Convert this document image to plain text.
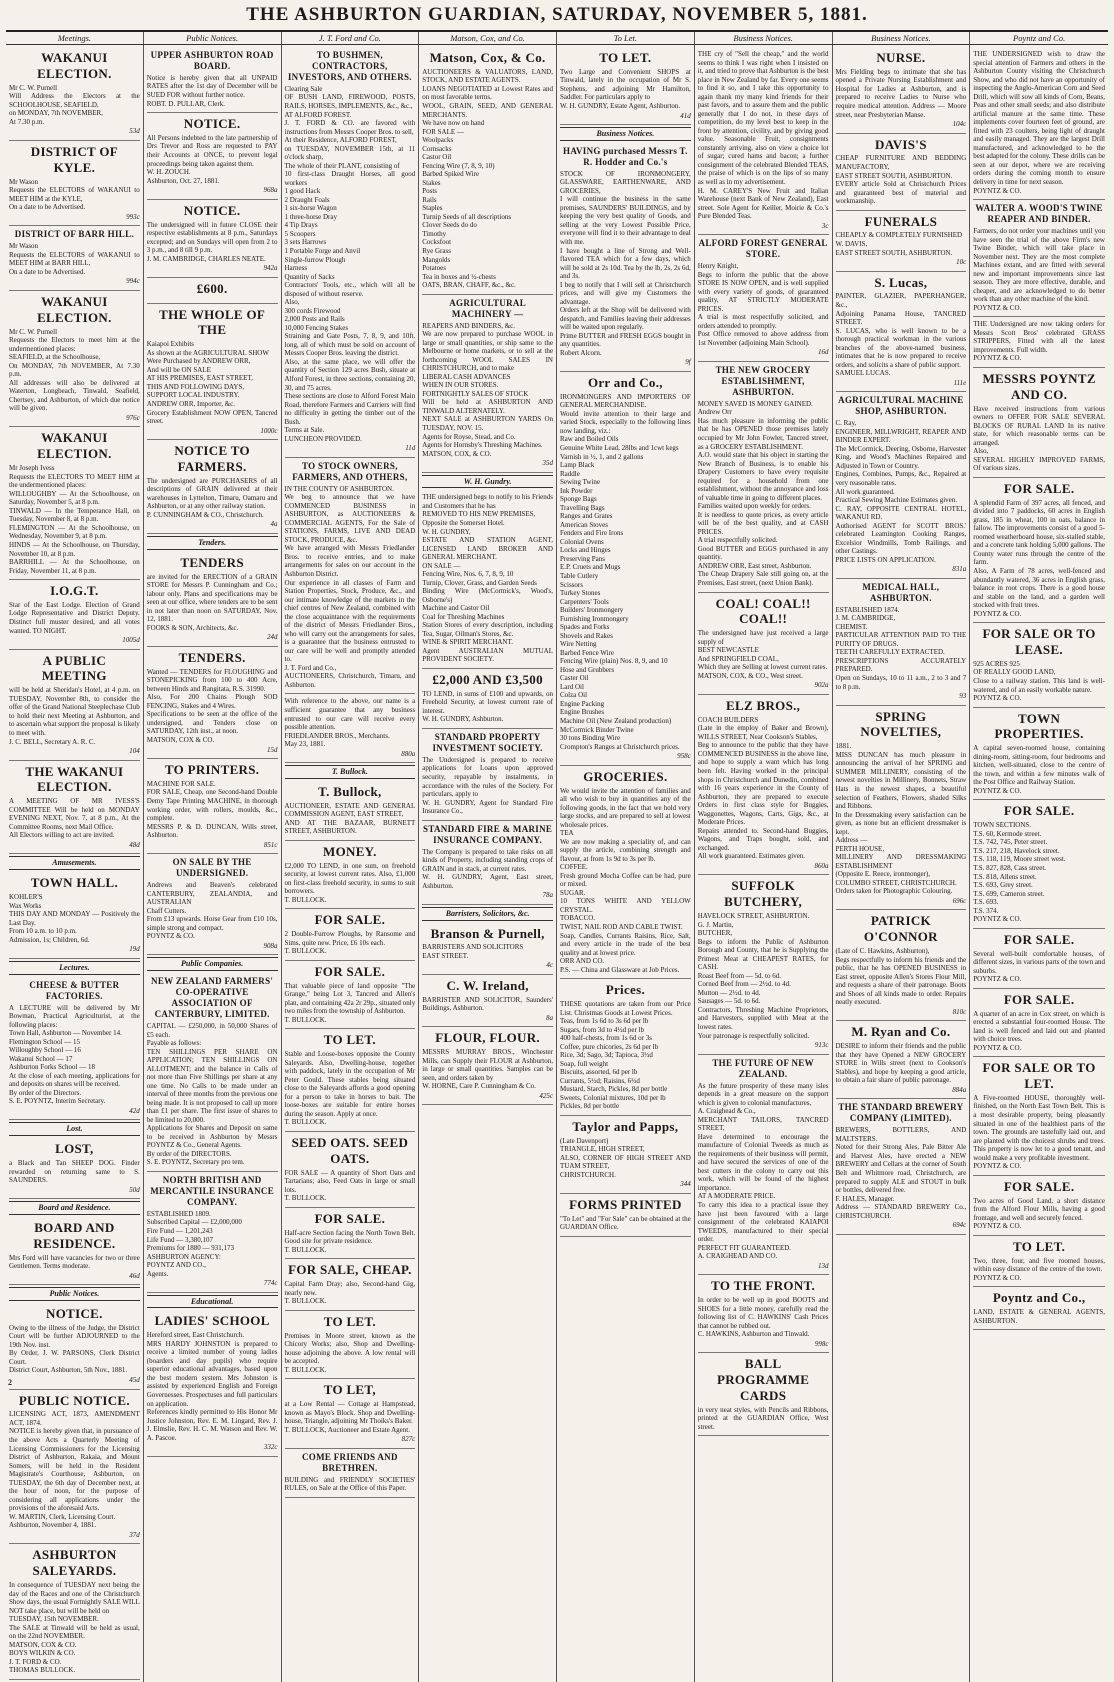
THE ASHBURTON GUARDIAN, SATURDAY, NOVEMBER 5, 1881.
Meetings.	Public Notices.	J. T. Ford and Co.	Matson, Cox, and Co.	To Let.	Business Notices.	Business Notices.	Poyntz and Co.
WAKANUI ELECTION.
Mr C. W. Purnell
Will Address the Electors at the SCHOOLHOUSE, SEAFIELD,
on MONDAY, 7th NOVEMBER,
At 7.30 p.m.
53d
DISTRICT OF KYLE.
Mr Wason
Requests the ELECTORS of WAKANUI to MEET HIM at the KYLE,
On a date to be Advertised.
993c
DISTRICT OF BARR HILL.
Mr Wason
Requests the ELECTORS of WAKANUI to MEET HIM at BARR HILL,
On a date to be Advertised.
994c
WAKANUI ELECTION.
Mr C. W. Purnell
Requests the Electors to meet him at the undermentioned places:
SEAFIELD, at the Schoolhouse,
On MONDAY, 7th NOVEMBER, At 7.30 p.m.
All addresses will also be delivered at Waterton, Longbeach, Tinwald, Seafield, Chertsey, and Ashburton, of which due notice will be given.
976c
WAKANUI ELECTION.
Mr Joseph Ivess
Requests the ELECTORS TO MEET HIM at the undermentioned places:
WILLOUGHBY — At the Schoolhouse, on Saturday, November 5, at 8 p.m.
TINWALD — In the Temperance Hall, on Tuesday, November 8, at 8 p.m.
FLEMINGTON — At the Schoolhouse, on Wednesday, November 9, at 8 p.m.
HINDS — At the Schoolhouse, on Thursday, November 10, at 8 p.m.
BARRHILL — At the Schoolhouse, on Friday, November 11, at 8 p.m.
I.O.G.T.
Star of the East Lodge. Election of Grand Lodge Representative and District Deputy. Distinct full muster desired, and all votes wanted. TO NIGHT.
1005d
A PUBLIC MEETING
will be held at Sheridan's Hotel, at 4 p.m. on TUESDAY, November 8th, to consider the offer of the Grand National Steeplechase Club to hold their next Meeting at Ashburton, and to ascertain what support the proposal is likely to meet with.
J. C. BELL, Secretary A. R. C.
104
THE WAKANUI ELECTION.
A MEETING OF MR IVESS'S COMMITTEE Will be held on MONDAY EVENING NEXT, Nov. 7, at 8 p.m., At the Committee Rooms, next Mail Office.
All Electors willing to act are invited.
48d
Amusements.
TOWN HALL.
KOHLER'S
Wax Works
THIS DAY AND MONDAY — Positively the Last Day.
From 10 a.m. to 10 p.m.
Admission, 1s; Children, 6d.
19d
Lectures.
CHEESE & BUTTER FACTORIES.
A LECTURE will be delivered by Mr Bowman, Practical Agriculturist, at the following places:
Town Hall, Ashburton — November 14.
Flemington School — 15
Willoughby School — 16
Wakanui School — 17
Ashburton Forks School — 18
At the close of each meeting, applications for and deposits on shares will be received.
By order of the Directors.
S. E. POYNTZ, Interim Secretary.
42d
Lost.
LOST,
a Black and Tan SHEEP DOG. Finder rewarded on returning same to S. SAUNDERS.
50d
Board and Residence.
BOARD AND RESIDENCE.
Mrs Ford will have vacancies for two or three Gentlemen. Terms moderate.
46d
Public Notices.
NOTICE.
Owing to the illness of the Judge, the District Court will be further ADJOURNED to the 19th Nov. inst.
By Order, J. W. PARSONS, Clerk District Court.
District Court, Ashburton, 5th Nov., 1881.
45d
PUBLIC NOTICE.
LICENSING ACT, 1873, AMENDMENT ACT, 1874.
NOTICE is hereby given that, in pursuance of the above Acts a Quarterly Meeting of Licensing Commissioners for the Licensing District of Ashburton, Rakaia, and Mount Somers, will be held in the Resident Magistrate's Courthouse, Ashburton, on TUESDAY, the 6th day of December next, at the hour of noon, for the purpose of considering all applications under the provisions of the aforesaid Acts.
W. MARTIN, Clerk, Licensing Court.
Ashburton, November 4, 1881.
37d
ASHBURTON SALEYARDS.
In consequence of TUESDAY next being the day of the Races and one of the Christchurch Show days, the usual Fortnightly SALE WILL NOT take place, but will be held on
TUESDAY, 15th NOVEMBER.
The SALE at Tinwald will be held as usual, on the 22nd NOVEMBER.
MATSON, COX & CO.
BOYS WILKIN & CO.
J. T. FORD & CO.
THOMAS BULLOCK.
UPPER ASHBURTON ROAD BOARD.
Notice is hereby given that all UNPAID RATES after the 1st day of December will be SUED FOR without further notice.
ROBT. D. PULLAR, Clerk.
NOTICE.
All Persons indebted to the late partnership of Drs Trevor and Ross are requested to PAY their Accounts at ONCE, to prevent legal proceedings being taken against them.
W. H. ZOUCH.
Ashburton, Oct. 27, 1881.
968a
NOTICE.
The undersigned will in future CLOSE their respective establishments at 8 p.m., Saturdays excepted; and on Sundays will open from 2 to 3 p.m., and 8 till 9 p.m.
J. M. CAMBRIDGE, CHARLES NEATE.
942a
£600.
THE WHOLE OF THE
Kaiapoi Exhibits
As shown at the AGRICULTURAL SHOW
Were Purchased by ANDREW ORR,
And will be ON SALE
AT HIS PREMISES, EAST STREET,
THIS AND FOLLOWING DAYS,
SUPPORT LOCAL INDUSTRY.
ANDREW ORR, Importer, &c.
Grocery Establishment NOW OPEN, Tancred street.
1000c
NOTICE TO FARMERS.
The undersigned are PURCHASERS of all descriptions of GRAIN delivered at their warehouses in Lyttelton, Timaru, Oamaru and Ashburton, or at any other railway station.
P. CUNNINGHAM & CO., Christchurch.
4a
Tenders.
TENDERS
are invited for the ERECTION of a GRAIN STORE for Messrs P. Cunningham and Co.; labour only. Plans and specifications may be seen at our office, where tenders are to be sent in not later than noon on SATURDAY, Nov. 12, 1881.
FOOKS & SON, Architects, &c.
24d
TENDERS.
Wanted — TENDERS for FLOUGHING and STONEPICKING from 100 to 400 Acre, between Hinds and Rangitata, R.S. 31990.
Also, For 200 Chains Plough SOD FENCING, Stakes and 4 Wires.
Specifications to be seen at the office of the undersigned, and Tenders close on SATURDAY, 12th inst., at noon.
MATSON, COX & CO.
15d
TO PRINTERS.
MACHINE FOR SALE.
FOR SALE, Cheap, one Second-hand Double Demy Tape Printing MACHINE, in thorough working order, with rollers, moulds, &c., complete.
MESSRS P. & D. DUNCAN, Wills street, Ashburton.
851c
ON SALE BY THE UNDERSIGNED.
Andrews and Beaven's celebrated CANTERBURY, ZEALANDIA, and AUSTRALIAN
Chaff Cutters.
From £13 upwards. Horse Gear from £10 10s, simple strong and compact.
POYNTZ & CO.
908a
Public Companies.
NEW ZEALAND FARMERS' CO-OPERATIVE ASSOCIATION OF CANTERBURY, LIMITED.
CAPITAL — £250,000, in 50,000 Shares of £5 each.
Payable as follows:
TEN SHILLINGS PER SHARE ON APPLICATION; TEN SHILLINGS ON ALLOTMENT; and the balance in Calls of not more than Five Shillings per share at any one time. No Calls to be made under an interval of three months from the previous one being made. It is not proposed to call up more than £1 per share. The first issue of shares to be limited to 20,000.
Applications for Shares and Deposit on same to be received in Ashburton by Messrs POYNTZ & Co., General Agents.
By order of the DIRECTORS.
S. E. POYNTZ, Secretary pro tem.
NORTH BRITISH AND MERCANTILE INSURANCE COMPANY.
ESTABLISHED 1809.
Subscribed Capital — £2,000,000
Fire Fund — 1,201,243
Life Fund — 3,380,107
Premiums for 1880 — 931,173
ASHBURTON AGENCY:
POYNTZ AND CO.,
Agents.
774c
Educational.
LADIES' SCHOOL
Hereford street, East Christchurch.
MRS HARDY JOHNSTON is prepared to receive a limited number of young ladies (boarders and day pupils) who require superior educational advantages, based upon the best modern system. Mrs Johnston is assisted by experienced English and Foreign Governesses. Prospectuses and full particulars on application.
References kindly permitted to His Honor Mr Justice Johnston, Rev. E. M. Lingard, Rev. J. J. Elmslie, Rev. H. C. M. Watson and Rev. W. A. Pascoe.
332c
TO BUSHMEN, CONTRACTORS, INVESTORS, AND OTHERS.
Clearing Sale
OF BUSH LAND, FIREWOOD, POSTS, RAILS, HORSES, IMPLEMENTS, &c., &c.,
AT ALFORD FOREST.
J. T. FORD & CO. are favored with instructions from Messrs Cooper Bros. to sell,
At their Residence, ALFORD FOREST,
on TUESDAY, NOVEMBER 15th, at 11 o'clock sharp,
The whole of their PLANT, consisting of
10 first-class Draught Horses, all good workers
1 good Hack
2 Draught Foals
1 six-horse Wagon
1 three-horse Dray
4 Tip Drays
5 Scoopers
3 sets Harrows
1 Portable Forge and Anvil
Single-furrow Plough
Harness
Quantity of Sacks
Contractors' Tools, etc., which will all be disposed of without reserve.
Also,
300 cords Firewood
2,000 Posts and Rails
10,000 Fencing Stakes
Straining and Gate Posts, 7, 8, 9, and 10ft. long, all of which must be sold on account of Messrs Cooper Bros. leaving the district.
Also, at the same place, we will offer the quantity of Section 129 acres Bush, situate at Alford Forest, in three sections, containing 20, 30, and 75 acres.
These sections are close to Alford Forest Main Road, therefore Farmers and Carriers will find no difficulty in getting the timber out of the Bush.
Terms at Sale.
LUNCHEON PROVIDED.
11d
TO STOCK OWNERS, FARMERS, AND OTHERS,
IN THE COUNTY OF ASHBURTON.
We beg to announce that we have COMMENCED BUSINESS in ASHBURTON, as AUCTIONEERS & COMMERCIAL AGENTS, For the Sale of STATIONS, FARMS, LIVE AND DEAD STOCK, PRODUCE, &c.
We have arranged with Messrs Friedlander Bros. to receive entries, and to make arrangements for sales on our account in the Ashburton District.
Our experience in all classes of Farm and Station Properties, Stock, Produce, &c., and our intimate knowledge of the markets in the chief centres of New Zealand, combined with the close acquaintance with the requirements of the district of Messrs Friedlander Bros., who will carry out the arrangements for sales, is a guarantee that the business entrusted to our care will be well and promptly attended to.
J. T. Ford and Co.,
AUCTIONEERS, Christchurch, Timaru, and Ashburton.
With reference to the above, our name is a sufficient guarantee that any business entrusted to our care will receive every possible attention.
FRIEDLANDER BROS., Merchants.
May 23, 1881.
880a
T. Bullock.
T. Bullock,
AUCTIONEER, ESTATE AND GENERAL COMMISSION AGENT, EAST STREET,
AND AT THE BAZAAR, BURNETT STREET, ASHBURTON.
MONEY.
£2,000 TO LEND, in one sum, on freehold security, at lowest current rates. Also, £1,000 on first-class freehold security, in sums to suit borrowers.
T. BULLOCK.
FOR SALE.
2 Double-Furrow Ploughs, by Ransome and Sims, quite new. Price, £6 10s each.
T. BULLOCK.
FOR SALE.
That valuable piece of land opposite "The Grange," being Lot 3, Tancred and Allen's plan, and containing 42a 2r 29p., situated only two miles from the township of Ashburton.
T. BULLOCK.
TO LET.
Stable and Loose-boxes opposite the County Saleyards. Also, Dwelling-house, together with paddock, lately in the occupation of Mr Peter Gould. These stables being situated close to the Saleyards affords a good opening for a person to take in horses to bait. The loose-boxes are suitable for entire horses during the season. Apply at once.
T. BULLOCK.
SEED OATS. SEED OATS.
FOR SALE — A quantity of Short Oats and Tartarians; also, Feed Oats in large or small lots.
T. BULLOCK.
FOR SALE.
Half-acre Section facing the North Town Belt. Good site for private residence.
T. BULLOCK.
FOR SALE, CHEAP.
Capital Farm Dray; also, Second-hand Gig, nearly new.
T. BULLOCK.
TO LET.
Premises in Moore street, known as the Chicory Works; also, Shop and Dwelling-house adjoining the above. A low rental will be accepted.
T. BULLOCK.
TO LET,
at a Low Rental — Cottage at Hampstead, known as Mayo's Block. Shop and Dwelling-house, Triangle, adjoining Mr Thoiks's Baker.
T. BULLOCK, Auctioneer and Estate Agent.
827c
COME FRIENDS AND BRETHREN.
BUILDING and FRIENDLY SOCIETIES' RULES, on Sale at the Office of this Paper.
Matson, Cox, & Co.
AUCTIONEERS & VALUATORS, LAND, STOCK, AND ESTATE AGENTS.
LOANS NEGOTIATED at Lowest Rates and on most favorable terms.
WOOL, GRAIN, SEED, AND GENERAL MERCHANTS.
We have now on hand
FOR SALE —
Woolpacks
Cornsacks
Castor Oil
Fencing Wire (7, 8, 9, 10)
Barbed Spiked Wire
Stakes
Posts
Rails
Staples
Turnip Seeds of all descriptions
Clover Seeds do do
Timothy
Cocksfoot
Rye Grass
Mangolds
Potatoes
Tea in boxes and ½-chests
OATS, BRAN, CHAFF, &c., &c.
AGRICULTURAL MACHINERY —
REAPERS AND BINDERS, &c.
We are now prepared to purchase WOOL in large or small quantities, or ship same to the Melbourne or home markets, or to sell at the forthcoming WOOL SALES IN CHRISTCHURCH, and to make
LIBERAL CASH ADVANCES
WHEN IN OUR STORES.
FORTNIGHTLY SALES OF STOCK
Will be held at ASHBURTON AND TINWALD ALTERNATELY.
NEXT SALE at ASHBURTON YARDS On TUESDAY, NOV. 15.
Agents for Royse, Stead, and Co.
Agents for Hornsby's Threshing Machines.
MATSON, COX, & CO.
35d
W. H. Gundry.
THE undersigned begs to notify to his Friends and Customers that he has
REMOVED TO HIS NEW PREMISES,
Opposite the Somerset Hotel.
W. H. GUNDRY,
ESTATE AND STATION AGENT, LICENSED LAND BROKER AND GENERAL MERCHANT.
ON SALE —
Fencing Wire, Nos. 6, 7, 8, 9, 10
Turnip, Clover, Grass, and Garden Seeds
Binding Wire (McCormick's, Wood's, Osborne's)
Machine and Castor Oil
Coal for Threshing Machines
Station Stores of every description, including Tea, Sugar, Oilman's Stores, &c.
WINE & SPIRIT MERCHANT.
Agent AUSTRALIAN MUTUAL PROVIDENT SOCIETY.
£2,000 AND £3,500
TO LEND, in sums of £100 and upwards, on Freehold Security, at lowest current rate of interest.
W. H. GUNDRY, Ashburton.
STANDARD PROPERTY INVESTMENT SOCIETY.
The Undersigned is prepared to receive applications for Loans upon approved security, repayable by instalments, in accordance with the rules of the Society. For particulars, apply to
W. H. GUNDRY, Agent for Standard Fire Insurance Co.,
STANDARD FIRE & MARINE INSURANCE COMPANY.
The Company is prepared to take risks on all kinds of Property, including standing crops of GRAIN and in stack, at current rates.
W. H. GUNDRY, Agent, East street, Ashburton.
78a
Barristers, Solicitors, &c.
Branson & Purnell,
BARRISTERS AND SOLICITORS
EAST STREET.
4c
C. W. Ireland,
BARRISTER AND SOLICITOR, Saunders' Buildings, Ashburton.
8a
FLOUR, FLOUR.
MESSRS MURRAY BROS., Winchester Mills, can Supply their FLOUR at Ashburton, in large or small quantities. Samples can be seen, and orders taken by
W. HORNE, Care P. Cunningham & Co.
425c
TO LET.
Two Large and Convenient SHOPS at Tinwald, lately in the occupation of Mr S. Stephens, and adjoining Mr Hamilton, Saddler. For particulars apply to
W. H. GUNDRY, Estate Agent, Ashburton.
41d
Business Notices.
HAVING purchased Messrs T. R. Hodder and Co.'s
STOCK OF IRONMONGERY, GLASSWARE, EARTHENWARE, AND GROCERIES,
I will continue the business in the same premises, SAUNDERS' BUILDINGS, and by keeping the very best quality of Goods, and selling at the very Lowest Possible Price, everyone will find it to their advantage to deal with me.
I have bought a line of Strong and Well-flavored TEA which for a few days, which will be sold at 2s 10d. Tea by the lb, 2s, 2s 6d, and 3s.
I beg to notify that I will sell at Christchurch prices, and will give my Customers the advantage.
Orders left at the Shop will be delivered with despatch, and Families leaving their addresses will be waited upon regularly.
Prime BUTTER and FRESH EGGS bought in any quantities.
Robert Alcorn.
9f
Orr and Co.,
IRONMONGERS AND IMPORTERS OF GENERAL MERCHANDISE.
Would invite attention to their large and varied Stock, especially to the following lines now landing, viz.:
Raw and Boiled Oils
Genuine White Lead, 28lbs and 1cwt kegs
Varnish in ½, 1, and 2 gallons
Lamp Black
Raddle
Sewing Twine
Ink Powder
Sponge Bags
Travelling Bags
Ranges and Grates
American Stoves
Fenders and Fire Irons
Colonial Ovens
Locks and Hinges
Preserving Pans
E.P. Cruets and Mugs
Table Cutlery
Scissors
Turkey Stones
Carpenters' Tools
Builders' Ironmongery
Furnishing Ironmongery
Spades and Forks
Shovels and Rakes
Wire Netting
Barbed Fence Wire
Fencing Wire (plain) Nos. 8, 9, and 10
Hose and Grubbers
Caster Oil
Lard Oil
Colza Oil
Engine Packing
Engine Brushes
Machine Oil (New Zealand production)
McCormick Binder Twine
30 tons Binding Wire
Crompton's Ranges at Christchurch prices.
958c
GROCERIES.
We would invite the attention of families and all who wish to buy in quantities any of the following goods, in the fact that we hold very large stocks, and are prepared to sell at lowest wholesale prices.
TEA
We are now making a speciality of, and can supply the article, combining strength and flavour, at from 1s 9d to 3s per lb.
COFFEE.
Fresh ground Mocha Coffee can be had, pure or mixed.
SUGAR.
10 TONS WHITE AND YELLOW CRYSTAL.
TOBACCO.
TWIST, NAIL ROD AND CABLE TWIST.
Soap, Candles, Currants Raisins, Rice, Salt, and every article in the trade of the best quality and at lowest price.
ORR AND CO.
P.S. — China and Glassware at Job Prices.
Prices.
THESE quotations are taken from our Price List. Christmas Goods at Lowest Prices.
Teas, from 1s 6d to 3s 6d per lb
Sugars, from 3d to 4½d per lb
400 half-chests, from 1s 6d or 3s
Coffee, pure chicories, 2s 6d per lb
Rice, 3d; Sago, 3d; Tapioca, 3½d
Soap, full weight
Biscuits, assorted, 6d per lb
Currants, 5½d; Raisins, 6½d
Mustard, Starch, Pickles, 8d per bottle
Sweets, Colonial mixtures, 10d per lb
Pickles, 8d per bottle
Taylor and Papps,
(Late Davenport)
TRIANGLE, HIGH STREET,
ALSO, CORNER OF HIGH STREET AND TUAM STREET,
CHRISTCHURCH.
344
FORMS PRINTED
"To Let" and "For Sale" can be obtained at the GUARDIAN Office.
THE cry of "Sell the cheap," and the world seems to think I was right when I insisted on it, and tried to prove that Ashburton is the best place in New Zealand by far. Every one seems to find it so, and I take this opportunity to again thank my many kind friends for their past favors, and to assure them and the public generally that I do not, in these days of competition, do my level best to keep in the front by attention, civility, and by giving good value. Seasonable Fruit, consignments constantly arriving, also on view a choice lot of sugar; cured hams and bacon; a further consignment of the celebrated Blended TEAS, the praise of which is on the lips of so many as well as in my advertisement.
H. M. CAREY'S New Fruit and Italian Warehouse (next Bank of New Zealand), East street. Sole Agent for Keiller, Moirie & Co.'s Pure Blended Teas.
3c
ALFORD FOREST GENERAL STORE.
Henry Knight,
Begs to inform the public that the above STORE IS NOW OPEN, and is well supplied with every variety of goods, of guaranteed quality, AT STRICTLY MODERATE PRICES.
A trial is most respectfully solicited, and orders attended to promptly.
Post Office removed to above address from 1st November (adjoining Main School).
16d
THE NEW GROCERY ESTABLISHMENT, ASHBURTON.
MONEY SAVED IS MONEY GAINED.
Andrew Orr
Has much pleasure in informing the public that he has OPENED those premises lately occupied by Mr John Fowler, Tancred street, as a GROCERY ESTABLISHMENT.
A.O. would state that his object in starting the New Branch of Business, is to enable his Drapery Customers to have every requisite required for a household from one establishment, without the annoyance and loss of valuable time in going to different places.
Families waited upon weekly for orders.
It is needless to quote prices, as every article will be of the best quality, and at CASH PRICES.
A trial respectfully solicited.
Good BUTTER and EGGS purchased in any quantity.
ANDREW ORR, East street, Ashburton.
The Cheap Drapery Sale still going on, at the Premises, East street, (next Union Bank).
COAL! COAL!! COAL!!
The undersigned have just received a large supply of
BEST NEWCASTLE
And SPRINGFIELD COAL,
Which they are Selling at lowest current rates.
MATSON, COX, & CO., West street.
902a
ELZ BROS.,
COACH BUILDERS
(Late in the employ of Baker and Brown), WILLS STREET, Near Cookson's Stables,
Beg to announce to the public that they have COMMENCED BUSINESS in the above line, and hope to supply a want which has long been felt. Having worked in the principal shops in Christchurch and Dunedin, combined with 16 years experience in the County of Ashburton, they are prepared to execute Orders in first class style for Buggies, Waggonettes, Wagons, Carts, Gigs, &c., at Moderate Prices.
Repairs attended to. Second-hand Buggies, Wagons, and Traps bought, sold, and exchanged.
All work guaranteed. Estimates given.
860a
SUFFOLK BUTCHERY,
HAVELOCK STREET, ASHBURTON.
G. J. Martin,
BUTCHER,
Begs to inform the Public of Ashburton Borough and County, that he is Supplying the Primest Meat at CHEAPEST RATES, for CASH.
Roast Beef from — 5d. to 6d.
Corned Beef from — 2½d. to 4d.
Mutton — 2½d. to 4d.
Sausages — 5d. to 6d.
Contractors, Threshing Machine Proprietors, and Harvesters, supplied with Meat at the lowest rates.
Your patronage is respectfully solicited.
913c
THE FUTURE OF NEW ZEALAND.
As the future prosperity of these many isles depends in a great measure on the support which is given to colonial manufactures,
A. Craighead & Co.,
MERCHANT TAILORS, TANCRED STREET,
Have determined to encourage the manufacture of Colonial Tweeds as much as the requirements of their business will permit, and have secured the services of one of the best cutters in the colony to carry out this work, which will be found of the highest importance.
AT A MODERATE PRICE.
To carry this idea to a practical issue they have just been favoured with a large consignment of the celebrated KAIAPOI TWEEDS, manufactured to their special order.
PERFECT FIT GUARANTEED.
A. CRAIGHEAD AND CO.
13d
TO THE FRONT.
In order to be well up in good BOOTS and SHOES for a little money, carefully read the following list of C. HAWKINS' Cash Prices that cannot be rubbed out.
C. HAWKINS, Ashburton and Tinwald.
998c
BALL PROGRAMME CARDS
in very neat styles, with Pencils and Ribbons, printed at the GUARDIAN Office, West street.
NURSE.
Mrs Fielding begs to intimate that she has opened a Private Nursing Establishment and Hospital for Ladies at Ashburton, and is prepared to receive Ladies to Nurse who require medical attention. Address — Moore street, near Presbyterian Manse.
104c
DAVIS'S
CHEAP FURNITURE AND BEDDING MANUFACTORY,
EAST STREET SOUTH, ASHBURTON.
EVERY article Sold at Christchurch Prices and guaranteed best of material and workmanship.
FUNERALS
CHEAPLY & COMPLETELY FURNISHED
W. DAVIS,
EAST STREET SOUTH, ASHBURTON.
10c
S. Lucas,
PAINTER, GLAZIER, PAPERHANGER, &c.,
Adjoining Panama House, TANCRED STREET.
S. LUCAS, who is well known to be a thorough practical workman in the various branches of the above-named business, intimates that he is now prepared to receive orders, and solicits a share of public support.
SAMUEL LUCAS.
111e
AGRICULTURAL MACHINE SHOP, ASHBURTON.
C. Ray,
ENGINEER, MILLWRIGHT, REAPER AND BINDER EXPERT.
The McCormick, Deering, Osborne, Harvester King, and Wood's Machines Repaired and Adjusted in Town or Country.
Engines, Combines, Pumps, &c., Repaired at very reasonable rates.
All work guaranteed.
Practical Sewing Machine Estimates given.
C. RAY, OPPOSITE CENTRAL HOTEL, WAKANUI RD.
Authorised AGENT for SCOTT BROS.' celebrated Leamington Cooking Ranges, Excelsior Windmills, Tomb Railings, and other Castings.
PRICE LISTS ON APPLICATION.
831a
MEDICAL HALL, ASHBURTON.
ESTABLISHED 1874.
J. M. CAMBRIDGE,
CHEMIST.
PARTICULAR ATTENTION PAID TO THE PURITY OF DRUGS.
TEETH CAREFULLY EXTRACTED.
PRESCRIPTIONS ACCURATELY PREPARED.
Open on Sundays, 10 to 11 a.m., 2 to 3 and 7 to 8 p.m.
93
SPRING NOVELTIES,
1881.
MISS DUNCAN has much pleasure in announcing the arrival of her SPRING and SUMMER MILLINERY, consisting of the newest novelties in Millinery, Bonnets, Straw Hats in the newest shapes, a beautiful selection of Feathers, Flowers, shaded Silks and Ribbons.
In the Dressmaking every satisfaction can be given, as none but an efficient dressmaker is kept.
Address —
PERTH HOUSE,
MILLINERY AND DRESSMAKING ESTABLISHMENT
(Opposite E. Reece, ironmonger),
COLUMBO STREET, CHRISTCHURCH.
Orders taken for Photographic Colouring.
696c
PATRICK O'CONNOR
(Late of C. Hawkins, Ashburton),
Begs respectfully to inform his friends and the public, that he has OPENED BUSINESS in East street, opposite Allen's Stores Flour Mill, and requests a share of their patronage. Boots and Shoes of all kinds made to order. Repairs neatly executed.
810c
M. Ryan and Co.
DESIRE to inform their friends and the public that they have Opened a NEW GROCERY STORE in Wills street (next to Cookson's Stables), and hope by keeping a good article, to obtain a fair share of public patronage.
884a
THE STANDARD BREWERY COMPANY (LIMITED).
BREWERS, BOTTLERS, AND MALTSTERS.
Noted for their Strong Ales, Pale Bitter Ale and Harvest Ales, have erected a NEW BREWERY and Cellars at the corner of South Belt and Whitmore road, Christchurch, are prepared to supply ALE and STOUT in bulk or bottles, delivered free.
F. HALES, Manager.
Address — STANDARD BREWERY Co., CHRISTCHURCH.
694c
THE UNDERSIGNED wish to draw the special attention of Farmers and others in the Ashburton County visiting the Christchurch Show, and who did not have an opportunity of inspecting the Anglo-American Corn and Seed Drill, which will sow all kinds of Corn, Beans, Peas and other small seeds; and also distribute artificial manure at the same time. These implements cover fourteen feet of ground, are fitted with 23 coulters, being light of draught and easily managed. They are the largest Drill manufactured, and acknowledged to be the best adapted for the colony. These drills can be seen at our depot, where we are receiving orders during the coming month to ensure delivery in time for next season.
POYNTZ & CO.
WALTER A. WOOD'S TWINE REAPER AND BINDER.
Farmers, do not order your machines until you have seen the trial of the above Firm's new Twine Binder, which will take place in November next. They are the most complete Machines extant, and are fitted with several new and important improvements since last season. They are more effective, durable, and cheaper, and are acknowledged to do better work than any other machine of the kind.
POYNTZ & CO.
THE Undersigned are now taking orders for Messrs Scott Bros' celebrated GRASS STRIPPERS, Fitted with all the latest improvements. Full width.
POYNTZ & CO.
MESSRS POYNTZ AND CO.
Have received instructions from various owners to OFFER FOR SALE SEVERAL BLOCKS OF RURAL LAND In its native state, for which reasonable terms can be arranged.
Also,
SEVERAL HIGHLY IMPROVED FARMS, Of various sizes.
FOR SALE.
A splendid Farm of 397 acres, all fenced, and divided into 7 paddocks, 60 acres in English grass, 185 in wheat, 100 in oats, balance in fallow. The improvements consist of a good 5-roomed weatherboard house, six-stalled stable, and a concrete tank holding 5,000 gallons. The County water runs through the centre of the farm.
Also, A Farm of 78 acres, well-fenced and abundantly watered, 36 acres in English grass, balance in root crops. There is a good house and stable on the land, and a garden well stocked with fruit trees.
POYNTZ & CO.
FOR SALE OR TO LEASE.
925 ACRES 925
OF REALLY GOOD LAND,
Close to a railway station. This land is well-watered, and of an easily workable nature.
POYNTZ & CO.
TOWN PROPERTIES.
A capital seven-roomed house, containing dining-room, sitting-room, four bedrooms and kitchen, well-situated, close to the centre of the town, and within a few minutes walk of the Post Office and Railway Station.
POYNTZ & CO.
FOR SALE.
TOWN SECTIONS.
T.S. 60, Kermode street.
T.S. 742, 745, Peter street.
T.S. 217, 218, Havelock street.
T.S. 118, 119, Moore street west.
T.S. 827, 828, Cass street.
T.S. 818, Allens street.
T.S. 693, Grey street.
T.S. 699, Cameron street.
T.S. 693.
T.S. 374.
POYNTZ & CO.
FOR SALE.
Several well-built comfortable houses, of different sizes, in various parts of the town and suburbs.
POYNTZ & CO.
FOR SALE.
A quarter of an acre in Cox street, on which is erected a substantial four-roomed House. The land is well fenced and laid out and planted with choice trees.
POYNTZ & CO.
FOR SALE OR TO LET.
A Five-roomed HOUSE, thoroughly well-finished, on the North East Town Belt. This is a most desirable property, being pleasantly situated in one of the healthiest parts of the town. The grounds are tastefully laid out, and are planted with the choicest shrubs and trees. This property is now let to a good tenant, and would make a very profitable investment.
POYNTZ & CO.
FOR SALE.
Two acres of Good Land, a short distance from the Alford Flour Mills, having a good frontage, and well and securely fenced.
POYNTZ & CO.
TO LET.
Two, three, four, and five roomed houses, within easy distance of the centre of the town.
POYNTZ & CO.
Poyntz and Co.,
LAND, ESTATE & GENERAL AGENTS, ASHBURTON.
2
